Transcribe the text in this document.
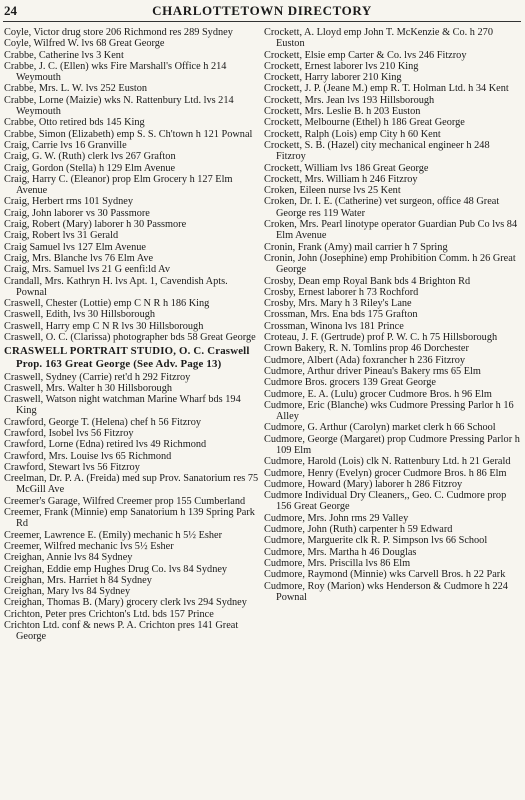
24	CHARLOTTETOWN DIRECTORY
Coyle, Victor drug store 206 Richmond res 289 Sydney
Coyle, Wilfred W. lvs 68 Great George
Crabbe, Catherine lvs 3 Kent
Crabbe, J. C. (Ellen) wks Fire Marshall's Office h 214 Weymouth
Crabbe, Mrs. L. W. lvs 252 Euston
Crabbe, Lorne (Maizie) wks N. Rattenbury Ltd. lvs 214 Weymouth
Crabbe, Otto retired bds 145 King
Crabbe, Simon (Elizabeth) emp S. S. Ch'town h 121 Pownal
Craig, Carrie lvs 16 Granville
Craig, G. W. (Ruth) clerk lvs 267 Grafton
Craig, Gordon (Stella) h 129 Elm Avenue
Craig, Harry C. (Eleanor) prop Elm Grocery h 127 Elm Avenue
Craig, Herbert rms 101 Sydney
Craig, John laborer vs 30 Passmore
Craig, Robert (Mary) laborer h 30 Passmore
Craig, Robert lvs 31 Gerald
Craig Samuel lvs 127 Elm Avenue
Craig, Mrs. Blanche lvs 76 Elm Ave
Craig, Mrs. Samuel lvs 21 G eenfi:ld Av
Crandall, Mrs. Kathryn H. lvs Apt. 1, Cavendish Apts. Pownal
Craswell, Chester (Lottie) emp C N R h 186 King
Craswell, Edith, lvs 30 Hillsborough
Craswell, Harry emp C N R lvs 30 Hillsborough
Craswell, O. C. (Clarissa) photographer bds 58 Great George
CRASWELL PORTRAIT STUDIO, O. C. Craswell Prop. 163 Great George (See Adv. Page 13)
Craswell, Sydney (Carrie) ret'd h 292 Fitzroy
Craswell, Mrs. Walter h 30 Hillsborough
Craswell, Watson night watchman Marine Wharf bds 194 King
Crawford, George T. (Helena) chef h 56 Fitzroy
Crawford, Isobel lvs 56 Fitzroy
Crawford, Lorne (Edna) retired lvs 49 Richmond
Crawford, Mrs. Louise lvs 65 Richmond
Crawford, Stewart lvs 56 Fitzroy
Creelman, Dr. P. A. (Freida) med sup Prov. Sanatorium res 75 McGill Ave
Creemer's Garage, Wilfred Creemer prop 155 Cumberland
Creemer, Frank (Minnie) emp Sanatorium h 139 Spring Park Rd
Creemer, Lawrence E. (Emily) mechanic h 5½ Esher
Creemer, Wilfred mechanic lvs 5½ Esher
Creighan, Annie lvs 84 Sydney
Creighan, Eddie emp Hughes Drug Co. lvs 84 Sydney
Creighan, Mrs. Harriet h 84 Sydney
Creighan, Mary lvs 84 Sydney
Creighan, Thomas B. (Mary) grocery clerk lvs 294 Sydney
Crichton, Peter pres Crichton's Ltd. bds 157 Prince
Crichton Ltd. conf & news P. A. Crichton pres 141 Great George
Crockett, A. Lloyd emp John T. McKenzie & Co. h 270 Euston
Crockett, Elsie emp Carter & Co. lvs 246 Fitzroy
Crockett, Ernest laborer lvs 210 King
Crockett, Harry laborer 210 King
Crockett, J. P. (Jeane M.) emp R. T. Holman Ltd. h 34 Kent
Crockett, Mrs. Jean lvs 193 Hillsborough
Crockett, Mrs. Leslie B. h 203 Euston
Crockett, Melbourne (Ethel) h 186 Great George
Crockett, Ralph (Lois) emp City h 60 Kent
Crockett, S. B. (Hazel) city mechanical engineer h 248 Fitzroy
Crockett, William lvs 186 Great George
Crockett, Mrs. William h 246 Fitzroy
Croken, Eileen nurse lvs 25 Kent
Croken, Dr. I. E. (Catherine) vet surgeon, office 48 Great George res 119 Water
Croken, Mrs. Pearl linotype operator Guardian Pub Co lvs 84 Elm Avenue
Cronin, Frank (Amy) mail carrier h 7 Spring
Cronin, John (Josephine) emp Prohibition Comm. h 26 Great George
Crosby, Dean emp Royal Bank bds 4 Brighton Rd
Crosby, Ernest laborer h 73 Rochford
Crosby, Mrs. Mary h 3 Riley's Lane
Crossman, Mrs. Ena bds 175 Grafton
Crossman, Winona lvs 181 Prince
Croteau, J. F. (Gertrude) prof P. W. C. h 75 Hillsborough
Crown Bakery, R. N. Tomlins prop 46 Dorchester
Cudmore, Albert (Ada) foxrancher h 236 Fitzroy
Cudmore, Arthur driver Pineau's Bakery rms 65 Elm
Cudmore Bros. grocers 139 Great George
Cudmore, E. A. (Lulu) grocer Cudmore Bros. h 96 Elm
Cudmore, Eric (Blanche) wks Cudmore Pressing Parlor h 16 Alley
Cudmore, G. Arthur (Carolyn) market clerk h 66 School
Cudmore, George (Margaret) prop Cudmore Pressing Parlor h 109 Elm
Cudmore, Harold (Lois) clk N. Rattenbury Ltd. h 21 Gerald
Cudmore, Henry (Evelyn) grocer Cudmore Bros. h 86 Elm
Cudmore, Howard (Mary) laborer h 286 Fitzroy
Cudmore Individual Dry Cleaners,, Geo. C. Cudmore prop 156 Great George
Cudmore, Mrs. John rms 29 Valley
Cudmore, John (Ruth) carpenter h 59 Edward
Cudmore, Marguerite clk R. P. Simpson lvs 66 School
Cudmore, Mrs. Martha h 46 Douglas
Cudmore, Mrs. Priscilla lvs 86 Elm
Cudmore, Raymond (Minnie) wks Carvell Bros. h 22 Park
Cudmore, Roy (Marion) wks Henderson & Cudmore h 224 Pownal
